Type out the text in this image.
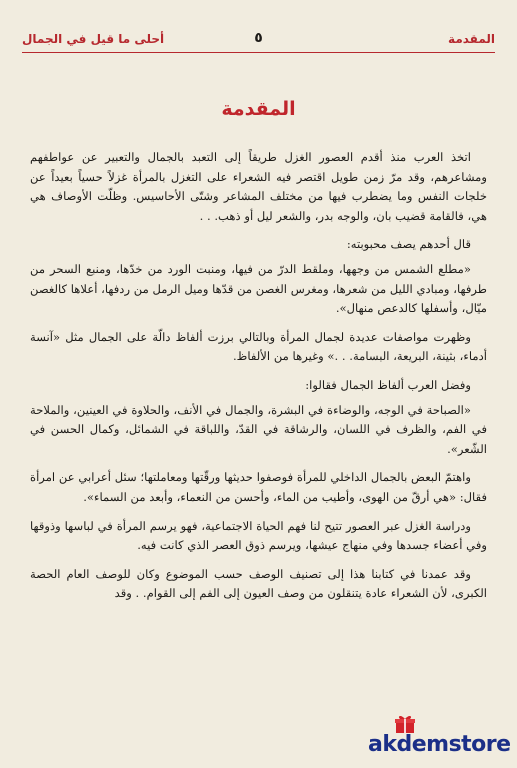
أحلى ما قيل في الجمال	٥	المقدمة
المقدمة

اتخذ العرب منذ أقدم العصور الغزل طريقاً إلى التعبد بالجمال والتعبير عن عواطفهم ومشاعرهم، وقد مرّ زمن طويل اقتصر فيه الشعراء على التغزل بالمرأة غزلاً حسياً بعيداً عن خلجات النفس وما يضطرب فيها من مختلف المشاعر وشتّى الأحاسيس. وظلّت الأوصاف هي هي، فالقامة قضيب بان، والوجه بدر، والشعر ليل أو ذهب. . .

قال أحدهم يصف محبوبته:

«مطلع الشمس من وجهها، وملقط الدرّ من فيها، ومنبت الورد من خدّها، ومنبع السحر من طرفها، ومبادي الليل من شعرها، ومغرس الغصن من قدّها وميل الرمل من ردفها، أعلاها كالغصن ميّال، وأسفلها كالدعص منهال».

وظهرت مواصفات عديدة لجمال المرأة وبالتالي برزت ألفاظ دالّة على الجمال مثل «آنسة أدماء، بثينة، البريعة، البسامة. . .» وغيرها من الألفاظ.

وفضل العرب ألفاظ الجمال فقالوا:

«الصباحة في الوجه، والوضاءة في البشرة، والجمال في الأنف، والحلاوة في العينين، والملاحة في الفم، والظرف في اللسان، والرشاقة في القدّ، واللباقة في الشمائل، وكمال الحسن في الشّعر».

واهتمّ البعض بالجمال الداخلي للمرأة فوصفوا حديثها ورقّتها ومعاملتها؛ سئل أعرابي عن امرأة فقال: «هي أرقّ من الهوى، وأطيب من الماء، وأحسن من النعماء، وأبعد من السماء».

ودراسة الغزل عبر العصور تتيح لنا فهم الحياة الاجتماعية، فهو يرسم المرأة في لباسها وذوقها وفي أعضاء جسدها وفي منهاج عيشها، ويرسم ذوق العصر الذي كانت فيه.

وقد عمدنا في كتابنا هذا إلى تصنيف الوصف حسب الموضوع وكان للوصف العام الحصة الكبرى، لأن الشعراء عادة يتنقلون من وصف العيون إلى الفم إلى القوام. . وقد

akdemstore
